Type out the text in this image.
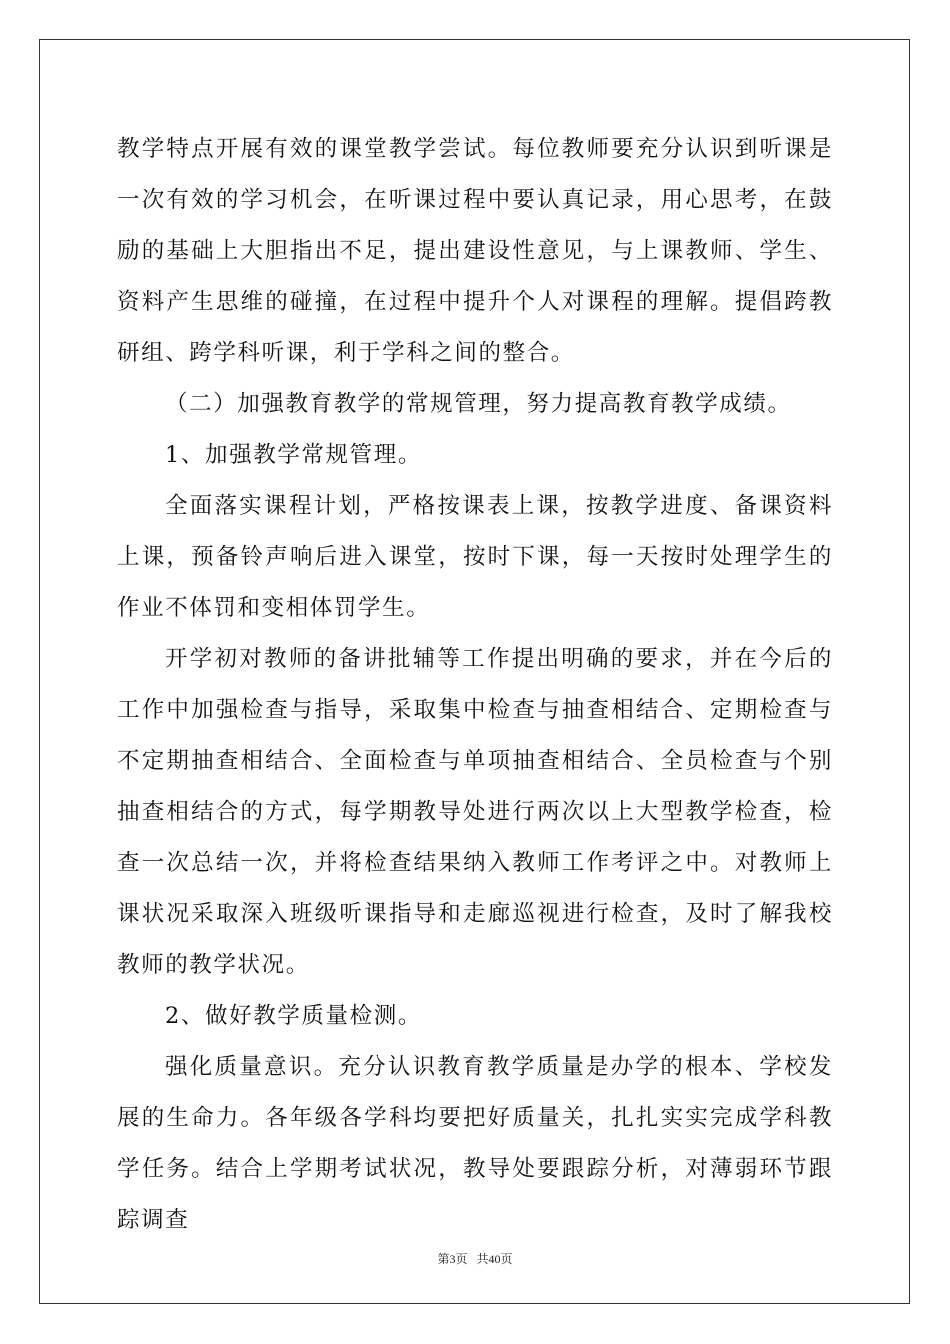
教学特点开展有效的课堂教学尝试。每位教师要充分认识到听课是一次有效的学习机会，在听课过程中要认真记录，用心思考，在鼓励的基础上大胆指出不足，提出建设性意见，与上课教师、学生、资料产生思维的碰撞，在过程中提升个人对课程的理解。提倡跨教研组、跨学科听课，利于学科之间的整合。

（二）加强教育教学的常规管理，努力提高教育教学成绩。

1、加强教学常规管理。

全面落实课程计划，严格按课表上课，按教学进度、备课资料上课，预备铃声响后进入课堂，按时下课，每一天按时处理学生的作业不体罚和变相体罚学生。

开学初对教师的备讲批辅等工作提出明确的要求，并在今后的工作中加强检查与指导，采取集中检查与抽查相结合、定期检查与不定期抽查相结合、全面检查与单项抽查相结合、全员检查与个别抽查相结合的方式，每学期教导处进行两次以上大型教学检查，检查一次总结一次，并将检查结果纳入教师工作考评之中。对教师上课状况采取深入班级听课指导和走廊巡视进行检查，及时了解我校教师的教学状况。

2、做好教学质量检测。

强化质量意识。充分认识教育教学质量是办学的根本、学校发展的生命力。各年级各学科均要把好质量关，扎扎实实完成学科教学任务。结合上学期考试状况，教导处要跟踪分析，对薄弱环节跟踪调查

第3页   共40页
